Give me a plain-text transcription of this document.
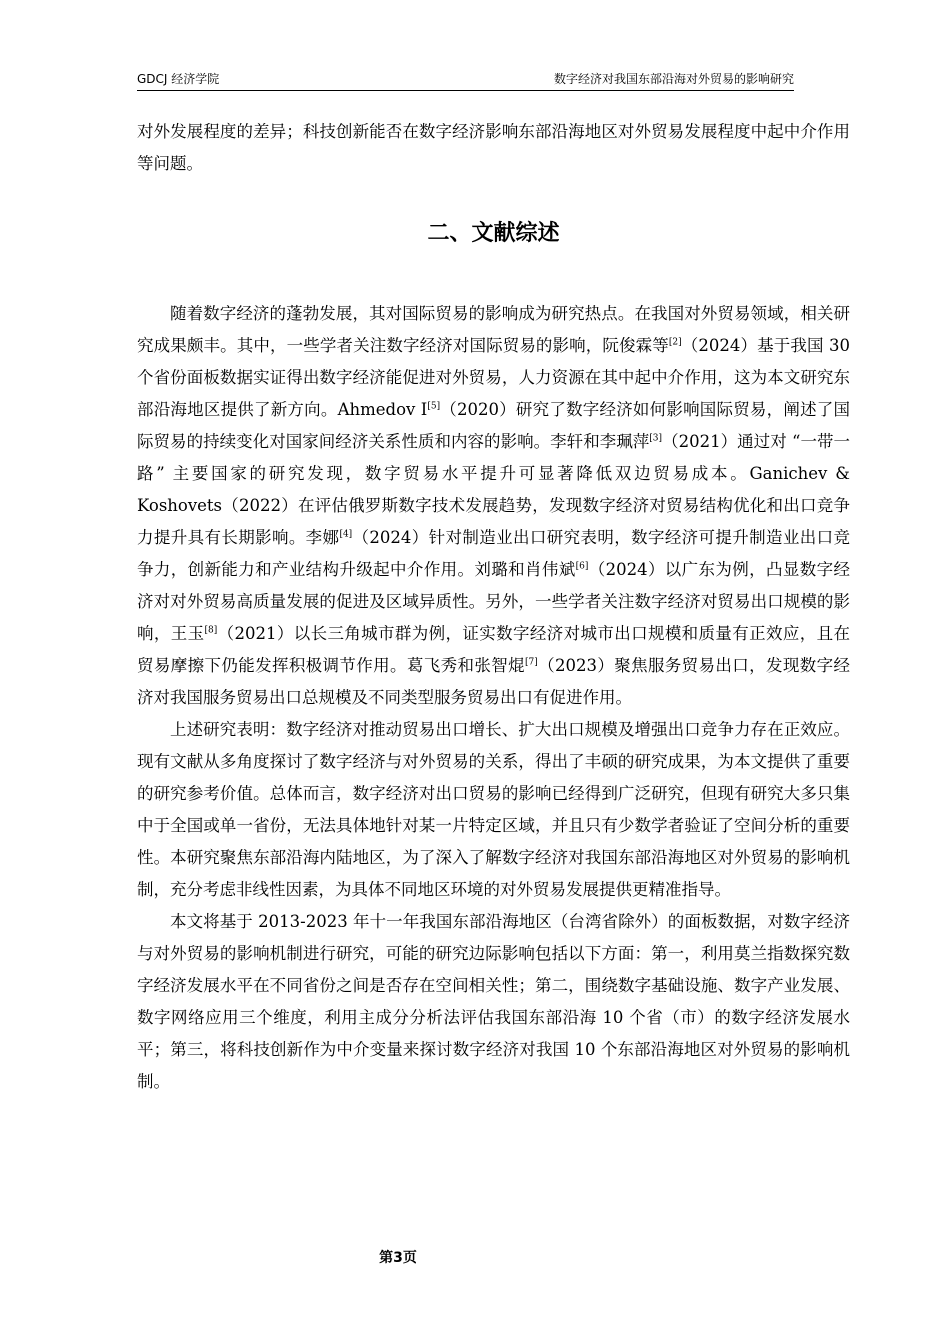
GDCJ 经济学院	数字经济对我国东部沿海对外贸易的影响研究

对外发展程度的差异；科技创新能否在数字经济影响东部沿海地区对外贸易发展程度中起中介作用等问题。

二、文献综述

随着数字经济的蓬勃发展，其对国际贸易的影响成为研究热点。在我国对外贸易领域，相关研究成果颇丰。其中，一些学者关注数字经济对国际贸易的影响，阮俊霖等[2]（2024）基于我国 30 个省份面板数据实证得出数字经济能促进对外贸易，人力资源在其中起中介作用，这为本文研究东部沿海地区提供了新方向。Ahmedov I[5]（2020）研究了数字经济如何影响国际贸易，阐述了国际贸易的持续变化对国家间经济关系性质和内容的影响。李轩和李珮萍[3]（2021）通过对 “一带一路” 主要国家的研究发现，数字贸易水平提升可显著降低双边贸易成本。Ganichev & Koshovets（2022）在评估俄罗斯数字技术发展趋势，发现数字经济对贸易结构优化和出口竞争力提升具有长期影响。李娜[4]（2024）针对制造业出口研究表明，数字经济可提升制造业出口竞争力，创新能力和产业结构升级起中介作用。刘璐和肖伟斌[6]（2024）以广东为例，凸显数字经济对对外贸易高质量发展的促进及区域异质性。另外，一些学者关注数字经济对贸易出口规模的影响，王玉[8]（2021）以长三角城市群为例，证实数字经济对城市出口规模和质量有正效应，且在贸易摩擦下仍能发挥积极调节作用。葛飞秀和张智焜[7]（2023）聚焦服务贸易出口，发现数字经济对我国服务贸易出口总规模及不同类型服务贸易出口有促进作用。

上述研究表明：数字经济对推动贸易出口增长、扩大出口规模及增强出口竞争力存在正效应。现有文献从多角度探讨了数字经济与对外贸易的关系，得出了丰硕的研究成果，为本文提供了重要的研究参考价值。总体而言，数字经济对出口贸易的影响已经得到广泛研究，但现有研究大多只集中于全国或单一省份，无法具体地针对某一片特定区域，并且只有少数学者验证了空间分析的重要性。本研究聚焦东部沿海内陆地区，为了深入了解数字经济对我国东部沿海地区对外贸易的影响机制，充分考虑非线性因素，为具体不同地区环境的对外贸易发展提供更精准指导。

本文将基于 2013-2023 年十一年我国东部沿海地区（台湾省除外）的面板数据，对数字经济与对外贸易的影响机制进行研究，可能的研究边际影响包括以下方面：第一，利用莫兰指数探究数字经济发展水平在不同省份之间是否存在空间相关性；第二，围绕数字基础设施、数字产业发展、数字网络应用三个维度，利用主成分分析法评估我国东部沿海 10 个省（市）的数字经济发展水平；第三，将科技创新作为中介变量来探讨数字经济对我国 10 个东部沿海地区对外贸易的影响机制。

第3页
